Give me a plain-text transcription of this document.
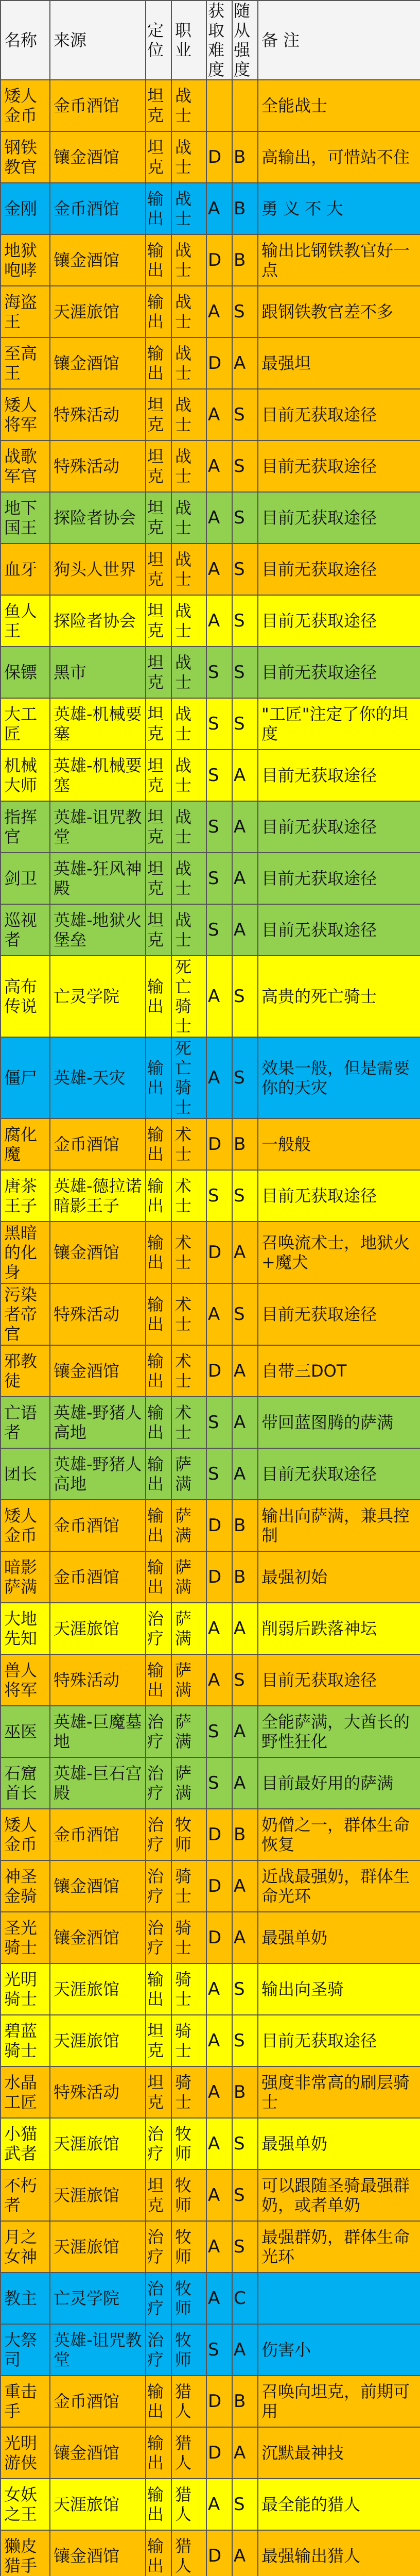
名称	来源	定位	职业	获取难度	随从强度	备 注
矮人金币	金币酒馆	坦克	战士			全能战士
钢铁教官	镶金酒馆	坦克	战士	D	B	高输出，可惜站不住
金刚	金币酒馆	输出	战士	A	B	勇 义 不 大
地狱咆哮	镶金酒馆	输出	战士	D	B	输出比钢铁教官好一点
海盗王	天涯旅馆	输出	战士	A	S	跟钢铁教官差不多
至高王	镶金酒馆	输出	战士	D	A	最强坦
矮人将军	特殊活动	坦克	战士	A	S	目前无获取途径
战歌军官	特殊活动	坦克	战士	A	S	目前无获取途径
地下国王	探险者协会	坦克	战士	A	S	目前无获取途径
血牙	狗头人世界	坦克	战士	A	S	目前无获取途径
鱼人王	探险者协会	坦克	战士	A	S	目前无获取途径
保镖	黑市	坦克	战士	S	S	目前无获取途径
大工匠	英雄-机械要塞	坦克	战士	S	S	"工匠"注定了你的坦度
机械大师	英雄-机械要塞	坦克	战士	S	A	目前无获取途径
指挥官	英雄-诅咒教堂	坦克	战士	S	A	目前无获取途径
剑卫	英雄-狂风神殿	坦克	战士	S	A	目前无获取途径
巡视者	英雄-地狱火堡垒	坦克	战士	S	A	目前无获取途径
高布传说	亡灵学院	输出	死亡骑士	A	S	高贵的死亡骑士
僵尸	英雄-天灾	输出	死亡骑士	A	S	效果一般，但是需要你的天灾
腐化魔	金币酒馆	输出	术士	D	B	一般般
唐茶王子	英雄-德拉诺暗影王子	输出	术士	S	S	目前无获取途径
黑暗的化身	镶金酒馆	输出	术士	D	A	召唤流术士，地狱火+魔犬
污染者帝官	特殊活动	输出	术士	A	S	目前无获取途径
邪教徒	镶金酒馆	输出	术士	D	A	自带三DOT
亡语者	英雄-野猪人高地	输出	术士	S	A	带回蓝图腾的萨满
团长	英雄-野猪人高地	输出	萨满	S	A	目前无获取途径
矮人金币	金币酒馆	输出	萨满	D	B	输出向萨满，兼具控制
暗影萨满	金币酒馆	输出	萨满	D	B	最强初始
大地先知	天涯旅馆	治疗	萨满	A	A	削弱后跌落神坛
兽人将军	特殊活动	输出	萨满	A	S	目前无获取途径
巫医	英雄-巨魔墓地	治疗	萨满	S	A	全能萨满，大酋长的野性狂化
石窟首长	英雄-巨石宫殿	治疗	萨满	S	A	目前最好用的萨满
矮人金币	金币酒馆	治疗	牧师	D	B	奶僧之一，群体生命恢复
神圣金骑	镶金酒馆	治疗	骑士	D	A	近战最强奶，群体生命光环
圣光骑士	镶金酒馆	治疗	骑士	D	A	最强单奶
光明骑士	天涯旅馆	输出	骑士	A	S	输出向圣骑
碧蓝骑士	天涯旅馆	坦克	骑士	A	S	目前无获取途径
水晶工匠	特殊活动	坦克	骑士	A	B	强度非常高的刷层骑士
小猫武者	天涯旅馆	治疗	牧师	A	S	最强单奶
不朽者	天涯旅馆	坦克	牧师	A	S	可以跟随圣骑最强群奶，或者单奶
月之女神	天涯旅馆	治疗	牧师	A	S	最强群奶，群体生命光环
教主	亡灵学院	治疗	牧师	A	C	
大祭司	英雄-诅咒教堂	治疗	牧师	S	A	伤害小
重击手	金币酒馆	输出	猎人	D	B	召唤向坦克，前期可用
光明游侠	镶金酒馆	输出	猎人	D	A	沉默最神技
女妖之王	天涯旅馆	输出	猎人	A	S	最全能的猎人
獭皮猎手	镶金酒馆	输出	猎人	D	A	最强输出猎人
